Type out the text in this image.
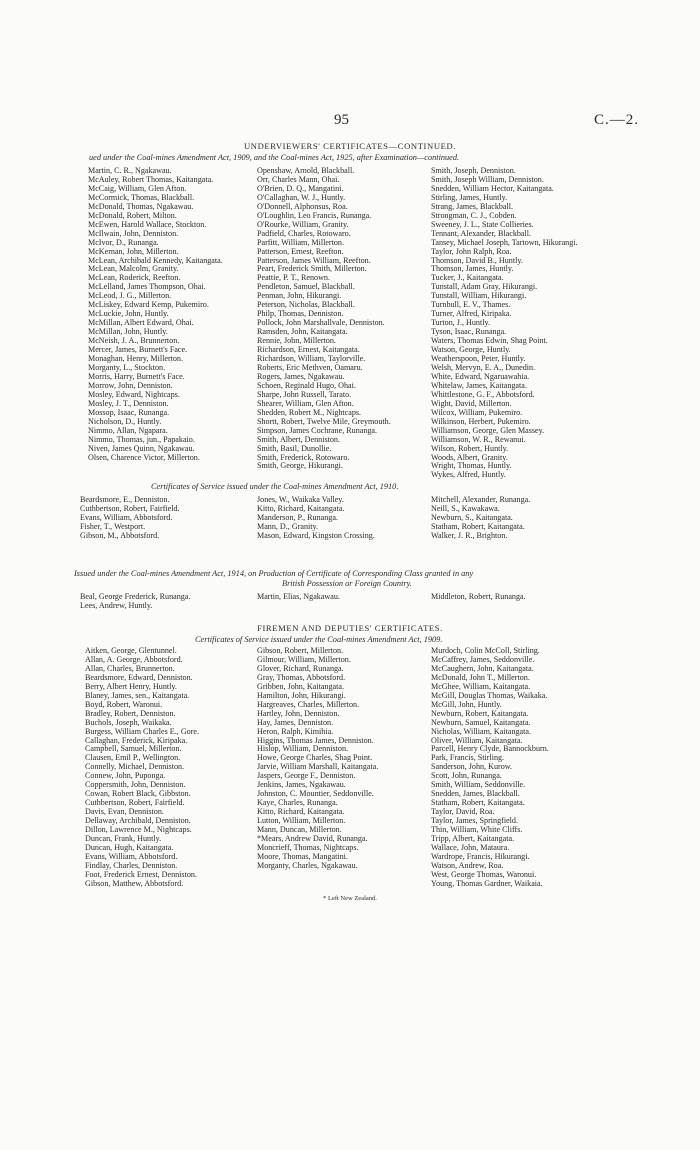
95	C.—2.
UNDERVIEWERS' CERTIFICATES—CONTINUED.
ued under the Coal-mines Amendment Act, 1909, and the Coal-mines Act, 1925, after Examination—continued.
Martin, C. R., Ngakawau.
McAuley, Robert Thomas, Kaitangata.
McCaig, William, Glen Afton.
McCormick, Thomas, Blackball.
McDonald, Thomas, Ngakawau.
McDonald, Robert, Milton.
McEwen, Harold Wallace, Stockton.
McIlwain, John, Denniston.
McIvor, D., Runanga.
McKernan, John, Millerton.
McLean, Archibald Kennedy, Kaitangata.
McLean, Malcolm, Granity.
McLean, Roderick, Reefton.
McLelland, James Thompson, Ohai.
McLeod, J. G., Millerton.
McLiskey, Edward Kemp, Pukemiro.
McLuckie, John, Huntly.
McMillan, Albert Edward, Ohai.
McMillan, John, Huntly.
McNeish, J. A., Brunnerton.
Mercer, James, Burnett's Face.
Monaghan, Henry, Millerton.
Morganty, L., Stockton.
Morris, Harry, Burnett's Face.
Morrow, John, Denniston.
Mosley, Edward, Nightcaps.
Mosley, J. T., Denniston.
Mossop, Isaac, Runanga.
Nicholson, D., Huntly.
Nimmo, Allan, Ngapara.
Nimmo, Thomas, jun., Papakaio.
Niven, James Quinn, Ngakawau.
Olsen, Charence Victor, Millerton.
Openshaw, Arnold, Blackball.
Orr, Charles Mann, Ohai.
O'Brien, D. Q., Mangatini.
O'Callaghan, W. J., Huntly.
O'Donnell, Alphonsus, Roa.
O'Loughlin, Leo Francis, Runanga.
O'Rourke, William, Granity.
Padfield, Charles, Rotowaro.
Parfitt, William, Millerton.
Patterson, Ernest, Reefton.
Patterson, James William, Reefton.
Peart, Frederick Smith, Millerton.
Peattie, P. T., Renown.
Pendleton, Samuel, Blackball.
Penman, John, Hikurangi.
Peterson, Nicholas, Blackball.
Philp, Thomas, Denniston.
Pollock, John Marshallvale, Denniston.
Ramsden, John, Kaitangata.
Rennie, John, Millerton.
Richardson, Ernest, Kaitangata.
Richardson, William, Taylorville.
Roberts, Eric Methven, Oamaru.
Rogers, James, Ngakawau.
Schoen, Reginald Hugo, Ohai.
Sharpe, John Russell, Tarato.
Shearer, William, Glen Afton.
Shedden, Robert M., Nightcaps.
Shortt, Robert, Twelve Mile, Greymouth.
Simpson, James Cochrane, Runanga.
Smith, Albert, Denniston.
Smith, Basil, Dunollie.
Smith, Frederick, Rotowaro.
Smith, George, Hikurangi.
Smith, Joseph, Denniston.
Smith, Joseph William, Denniston.
Snedden, William Hector, Kaitangata.
Stirling, James, Huntly.
Strang, James, Blackball.
Strongman, C. J., Cobden.
Sweeney, J. L., State Collieries.
Tennant, Alexander, Blackball.
Tansey, Michael Joseph, Tartown, Hikurangi.
Taylor, John Ralph, Roa.
Thomson, David B., Huntly.
Thomson, James, Huntly.
Tucker, J., Kaitangata.
Tunstall, Adam Gray, Hikurangi.
Tunstall, William, Hikurangi.
Turnbull, E. V., Thames.
Turner, Alfred, Kiripaka.
Turton, J., Huntly.
Tyson, Isaac, Runanga.
Waters, Thomas Edwin, Shag Point.
Watson, George, Huntly.
Weatherspoon, Peter, Huntly.
Welsh, Mervyn, E. A., Dunedin.
White, Edward, Ngaruawahia.
Whitelaw, James, Kaitangata.
Whittlestone, G. F., Abbotsford.
Wight, David, Millerton.
Wilcox, William, Pukemiro.
Wilkinson, Herbert, Pukemiro.
Williamson, George, Glen Massey.
Williamson, W. R., Rewanui.
Wilson, Robert, Huntly.
Woods, Albert, Granity.
Wright, Thomas, Huntly.
Wykes, Alfred, Huntly.
Certificates of Service issued under the Coal-mines Amendment Act, 1910.
Beardsmore, E., Denniston.
Cuthbertson, Robert, Fairfield.
Evans, William, Abbotsford.
Fisher, T., Westport.
Gibson, M., Abbotsford.
Jones, W., Waikaka Valley.
Kitto, Richard, Kaitangata.
Manderson, P., Runanga.
Mann, D., Granity.
Mason, Edward, Kingston Crossing.
Mitchell, Alexander, Runanga.
Neill, S., Kawakawa.
Newburn, S., Kaitangata.
Statham, Robert, Kaitangata.
Walker, J. R., Brighton.
Issued under the Coal-mines Amendment Act, 1914, on Production of Certificate of Corresponding Class granted in any
British Possession or Foreign Country.
Beal, George Frederick, Runanga.
Lees, Andrew, Huntly.
Martin, Elias, Ngakawau.	Middleton, Robert, Runanga.
FIREMEN AND DEPUTIES' CERTIFICATES.
Certificates of Service issued under the Coal-mines Amendment Act, 1909.
Aitken, George, Glentunnel.
Allan, A. George, Abbotsford.
Allan, Charles, Brunnerton.
Beardsmore, Edward, Denniston.
Berry, Albert Henry, Huntly.
Blaney, James, sen., Kaitangata.
Boyd, Robert, Waronui.
Bradley, Robert, Denniston.
Buchols, Joseph, Waikaka.
Burgess, William Charles E., Gore.
Callaghan, Frederick, Kiripaka.
Campbell, Samuel, Millerton.
Clausen, Emil P., Wellington.
Connelly, Michael, Denniston.
Connew, John, Puponga.
Coppersmith, John, Denniston.
Cowan, Robert Black, Gibbston.
Cuthbertson, Robert, Fairfield.
Davis, Evan, Denniston.
Dellaway, Archibald, Denniston.
Dillon, Lawrence M., Nightcaps.
Duncan, Frank, Huntly.
Duncan, Hugh, Kaitangata.
Evans, William, Abbotsford.
Findlay, Charles, Denniston.
Foot, Frederick Ernest, Denniston.
Gibson, Matthew, Abbotsford.
Gibson, Robert, Millerton.
Gilmour, William, Millerton.
Glover, Richard, Runanga.
Gray, Thomas, Abbotsford.
Gribben, John, Kaitangata.
Hamilton, John, Hikurangi.
Hargreaves, Charles, Millerton.
Hartley, John, Denniston.
Hay, James, Denniston.
Heron, Ralph, Kimihia.
Higgins, Thomas James, Denniston.
Hislop, William, Denniston.
Howe, George Charles, Shag Point.
Jarvie, William Marshall, Kaitangata.
Jaspers, George F., Denniston.
Jenkins, James, Ngakawau.
Johnston, C. Mountier, Seddonville.
Kaye, Charles, Runanga.
Kitto, Richard, Kaitangata.
Lutton, William, Millerton.
Mann, Duncan, Millerton.
*Mears, Andrew David, Runanga.
Moncrieff, Thomas, Nightcaps.
Moore, Thomas, Mangatini.
Morganty, Charles, Ngakawau.
Murdoch, Colin McColl, Stirling.
McCaffrey, James, Seddonville.
McCaughern, John, Kaitangata.
McDonald, John T., Millerton.
McGhee, William, Kaitangata.
McGill, Douglas Thomas, Waikaka.
McGill, John, Huntly.
Newburn, Robert, Kaitangata.
Newburn, Samuel, Kaitangata.
Nicholas, William, Kaitangata.
Oliver, William, Kaitangata.
Parcell, Henry Clyde, Bannockburn.
Park, Francis, Stirling.
Sanderson, John, Kurow.
Scott, John, Runanga.
Smith, William, Seddonville.
Snedden, James, Blackball.
Statham, Robert, Kaitangata.
Taylor, David, Roa.
Taylor, James, Springfield.
Thin, William, White Cliffs.
Tripp, Albert, Kaitangata.
Wallace, John, Mataura.
Wardrope, Francis, Hikurangi.
Watson, Andrew, Roa.
West, George Thomas, Waronui.
Young, Thomas Gardner, Waikaia.
* Left New Zealand.
